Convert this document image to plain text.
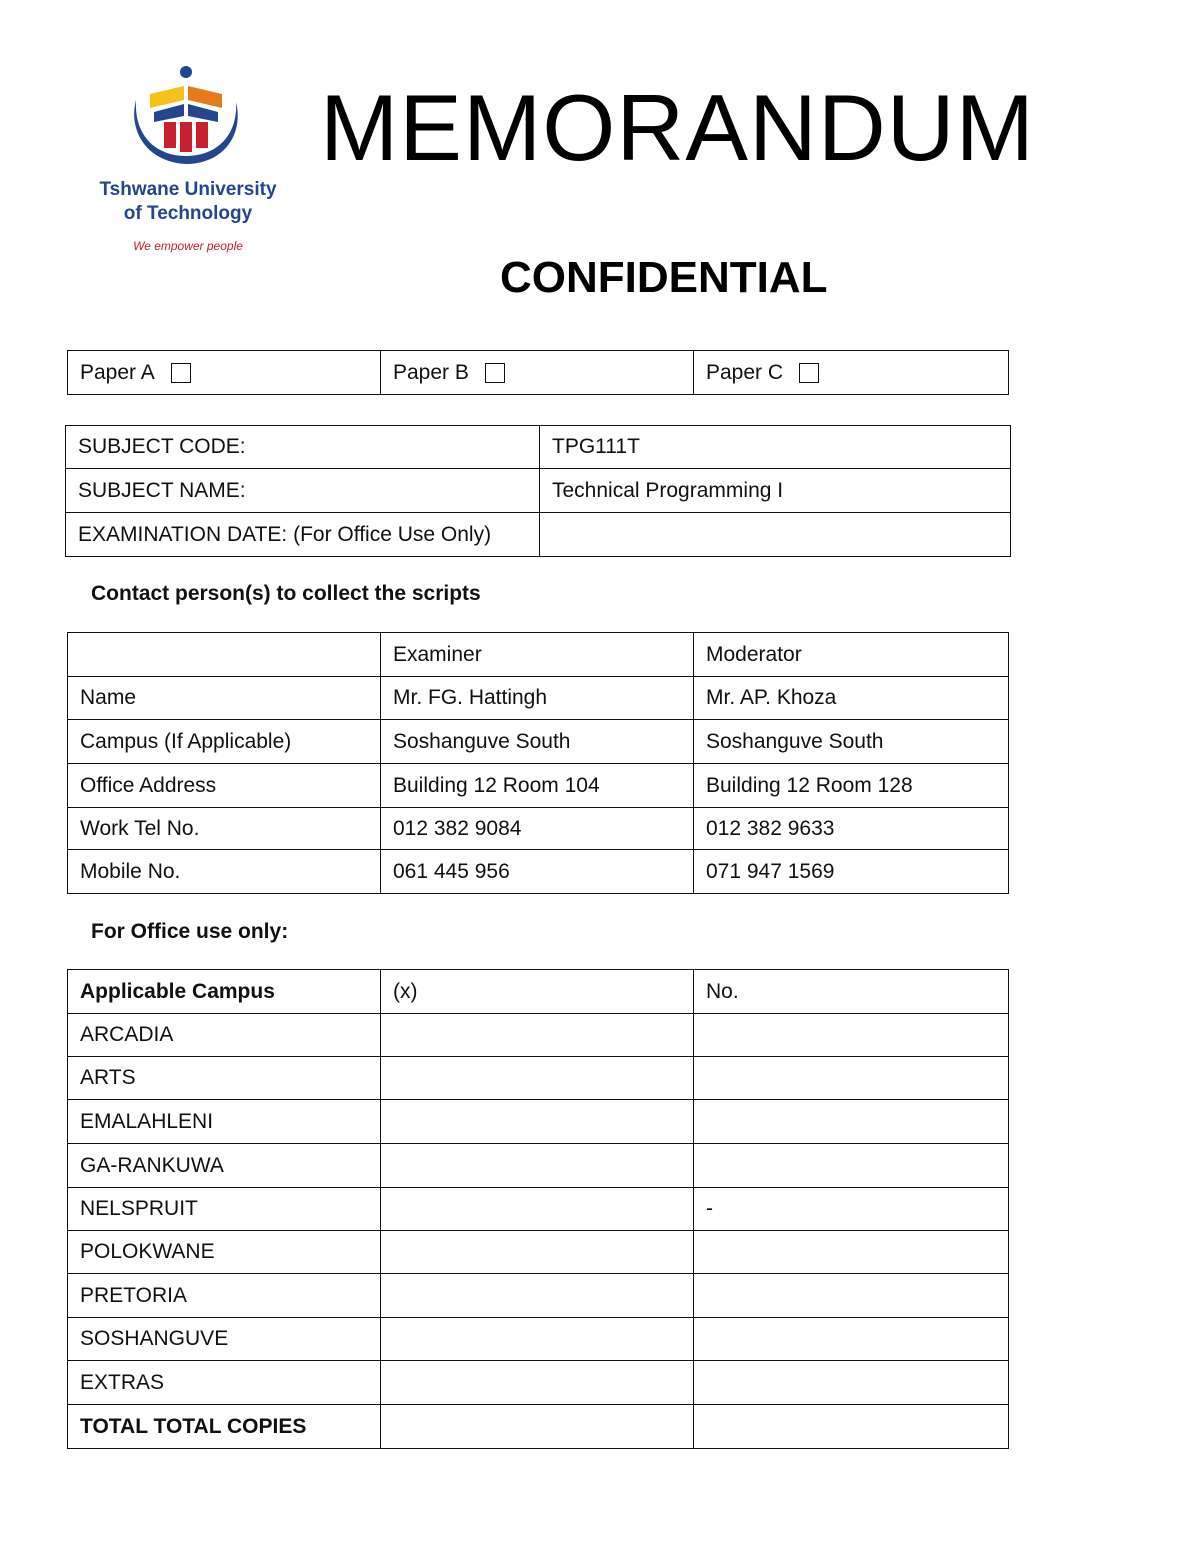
Tshwane University
of Technology
We empower people
MEMORANDUM
CONFIDENTIAL
Paper A	Paper B	Paper C
SUBJECT CODE:	TPG111T
SUBJECT NAME:	Technical Programming I
EXAMINATION DATE: (For Office Use Only)	
Contact person(s) to collect the scripts
	Examiner	Moderator
Name	Mr. FG. Hattingh	Mr. AP. Khoza
Campus (If Applicable)	Soshanguve South	Soshanguve South
Office Address	Building 12 Room 104	Building 12 Room 128
Work Tel No.	012 382 9084	012 382 9633
Mobile No.	061 445 956	071 947 1569
For Office use only:
Applicable Campus	(x)	No.
ARCADIA		
ARTS		
EMALAHLENI		
GA-RANKUWA		
NELSPRUIT		-
POLOKWANE		
PRETORIA		
SOSHANGUVE		
EXTRAS		
TOTAL TOTAL COPIES		
